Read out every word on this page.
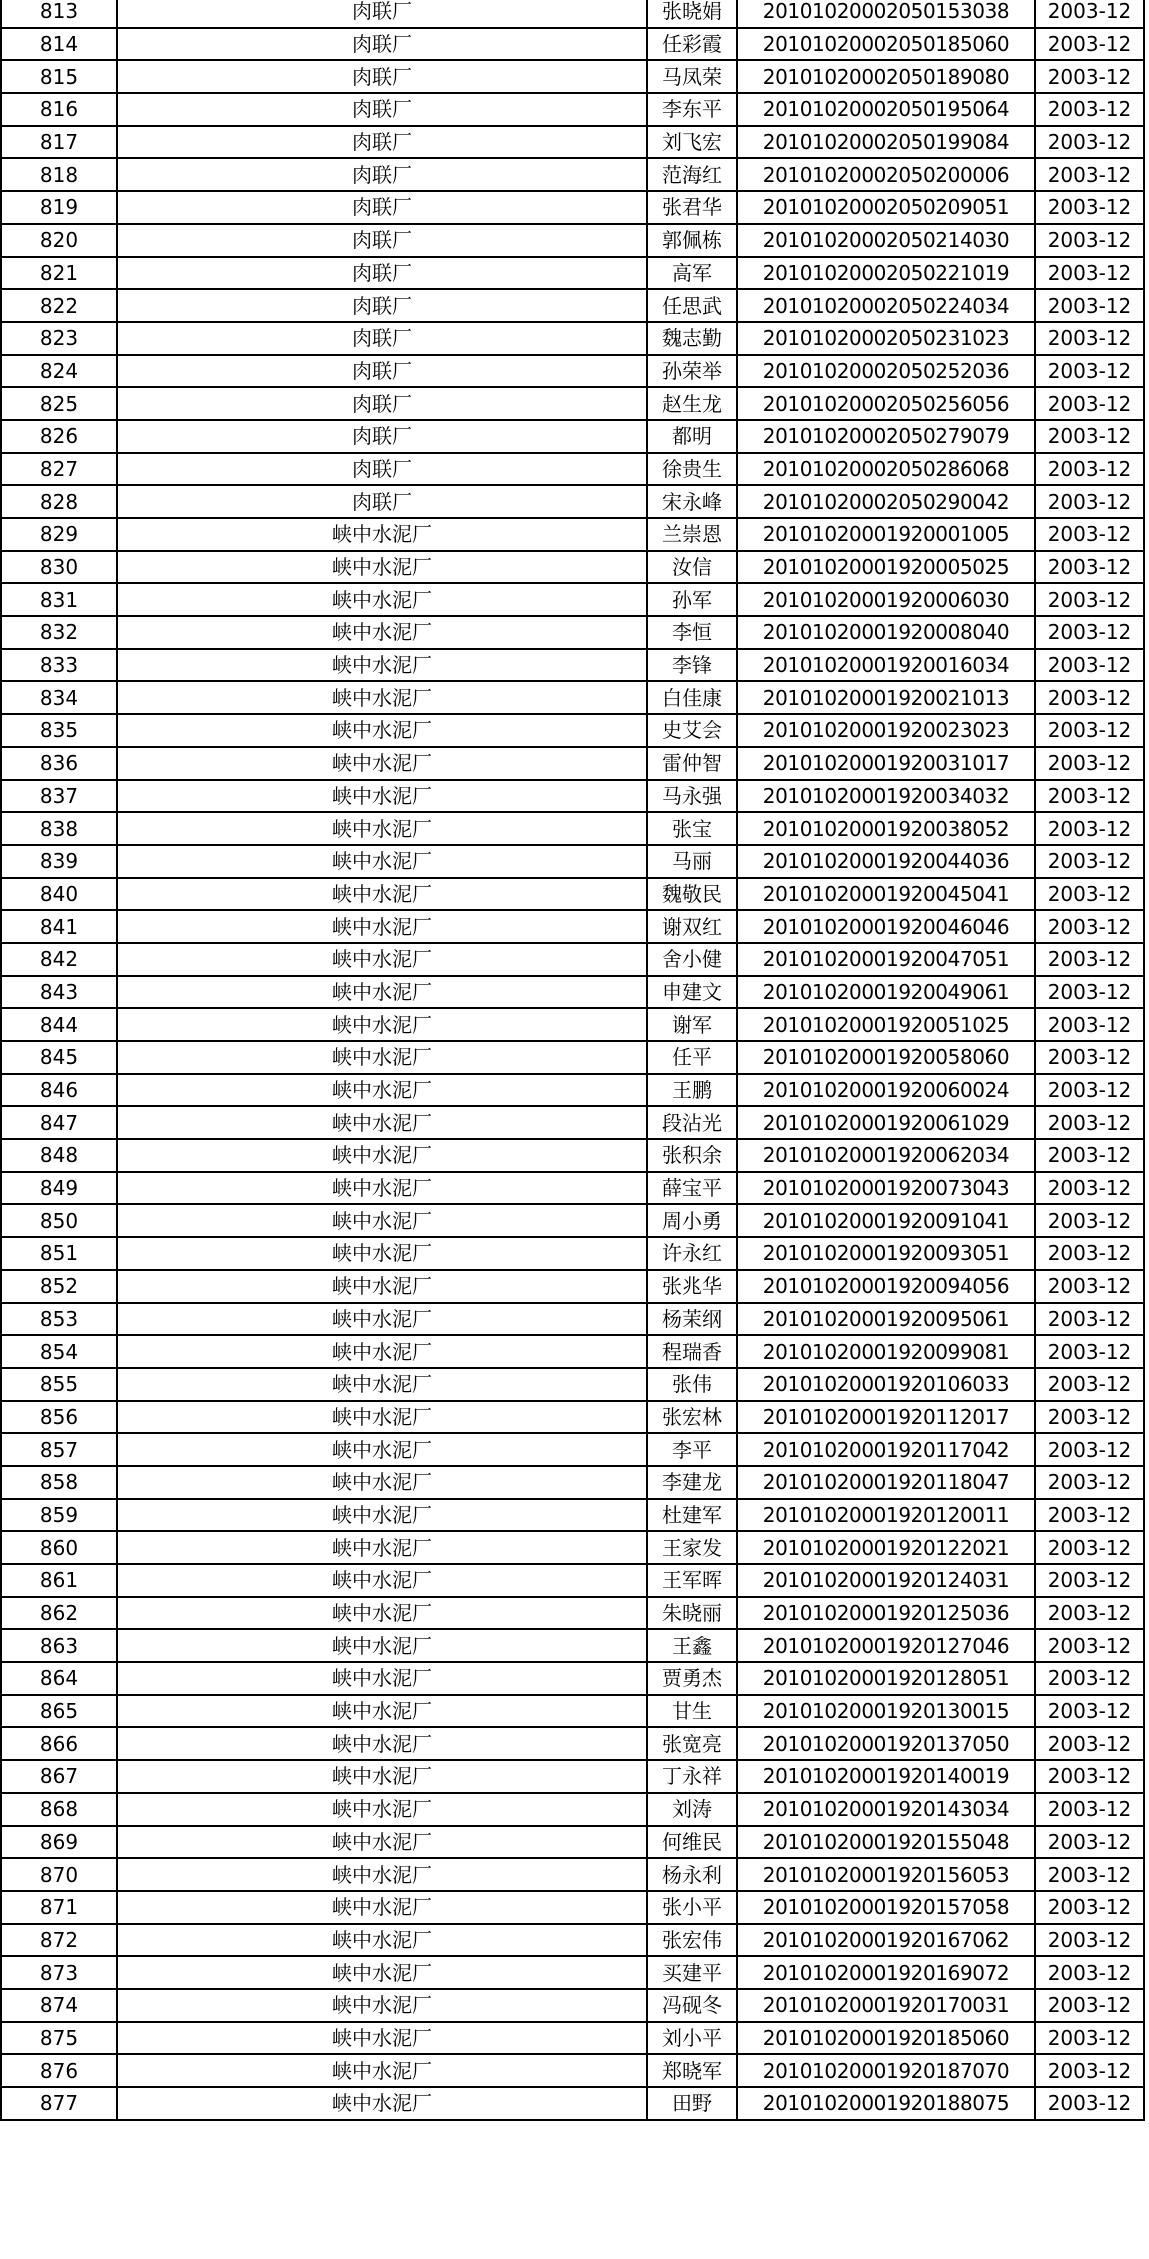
813	肉联厂	张晓娟	20101020002050153038	2003-12
814	肉联厂	任彩霞	20101020002050185060	2003-12
815	肉联厂	马凤荣	20101020002050189080	2003-12
816	肉联厂	李东平	20101020002050195064	2003-12
817	肉联厂	刘飞宏	20101020002050199084	2003-12
818	肉联厂	范海红	20101020002050200006	2003-12
819	肉联厂	张君华	20101020002050209051	2003-12
820	肉联厂	郭佩栋	20101020002050214030	2003-12
821	肉联厂	高军	20101020002050221019	2003-12
822	肉联厂	任思武	20101020002050224034	2003-12
823	肉联厂	魏志勤	20101020002050231023	2003-12
824	肉联厂	孙荣举	20101020002050252036	2003-12
825	肉联厂	赵生龙	20101020002050256056	2003-12
826	肉联厂	都明	20101020002050279079	2003-12
827	肉联厂	徐贵生	20101020002050286068	2003-12
828	肉联厂	宋永峰	20101020002050290042	2003-12
829	峡中水泥厂	兰崇恩	20101020001920001005	2003-12
830	峡中水泥厂	汝信	20101020001920005025	2003-12
831	峡中水泥厂	孙军	20101020001920006030	2003-12
832	峡中水泥厂	李恒	20101020001920008040	2003-12
833	峡中水泥厂	李锋	20101020001920016034	2003-12
834	峡中水泥厂	白佳康	20101020001920021013	2003-12
835	峡中水泥厂	史艾会	20101020001920023023	2003-12
836	峡中水泥厂	雷仲智	20101020001920031017	2003-12
837	峡中水泥厂	马永强	20101020001920034032	2003-12
838	峡中水泥厂	张宝	20101020001920038052	2003-12
839	峡中水泥厂	马丽	20101020001920044036	2003-12
840	峡中水泥厂	魏敬民	20101020001920045041	2003-12
841	峡中水泥厂	谢双红	20101020001920046046	2003-12
842	峡中水泥厂	舍小健	20101020001920047051	2003-12
843	峡中水泥厂	申建文	20101020001920049061	2003-12
844	峡中水泥厂	谢军	20101020001920051025	2003-12
845	峡中水泥厂	任平	20101020001920058060	2003-12
846	峡中水泥厂	王鹏	20101020001920060024	2003-12
847	峡中水泥厂	段沾光	20101020001920061029	2003-12
848	峡中水泥厂	张积余	20101020001920062034	2003-12
849	峡中水泥厂	薛宝平	20101020001920073043	2003-12
850	峡中水泥厂	周小勇	20101020001920091041	2003-12
851	峡中水泥厂	许永红	20101020001920093051	2003-12
852	峡中水泥厂	张兆华	20101020001920094056	2003-12
853	峡中水泥厂	杨茉纲	20101020001920095061	2003-12
854	峡中水泥厂	程瑞香	20101020001920099081	2003-12
855	峡中水泥厂	张伟	20101020001920106033	2003-12
856	峡中水泥厂	张宏林	20101020001920112017	2003-12
857	峡中水泥厂	李平	20101020001920117042	2003-12
858	峡中水泥厂	李建龙	20101020001920118047	2003-12
859	峡中水泥厂	杜建军	20101020001920120011	2003-12
860	峡中水泥厂	王家发	20101020001920122021	2003-12
861	峡中水泥厂	王军晖	20101020001920124031	2003-12
862	峡中水泥厂	朱晓丽	20101020001920125036	2003-12
863	峡中水泥厂	王鑫	20101020001920127046	2003-12
864	峡中水泥厂	贾勇杰	20101020001920128051	2003-12
865	峡中水泥厂	甘生	20101020001920130015	2003-12
866	峡中水泥厂	张宽亮	20101020001920137050	2003-12
867	峡中水泥厂	丁永祥	20101020001920140019	2003-12
868	峡中水泥厂	刘涛	20101020001920143034	2003-12
869	峡中水泥厂	何维民	20101020001920155048	2003-12
870	峡中水泥厂	杨永利	20101020001920156053	2003-12
871	峡中水泥厂	张小平	20101020001920157058	2003-12
872	峡中水泥厂	张宏伟	20101020001920167062	2003-12
873	峡中水泥厂	买建平	20101020001920169072	2003-12
874	峡中水泥厂	冯砚冬	20101020001920170031	2003-12
875	峡中水泥厂	刘小平	20101020001920185060	2003-12
876	峡中水泥厂	郑晓军	20101020001920187070	2003-12
877	峡中水泥厂	田野	20101020001920188075	2003-12
